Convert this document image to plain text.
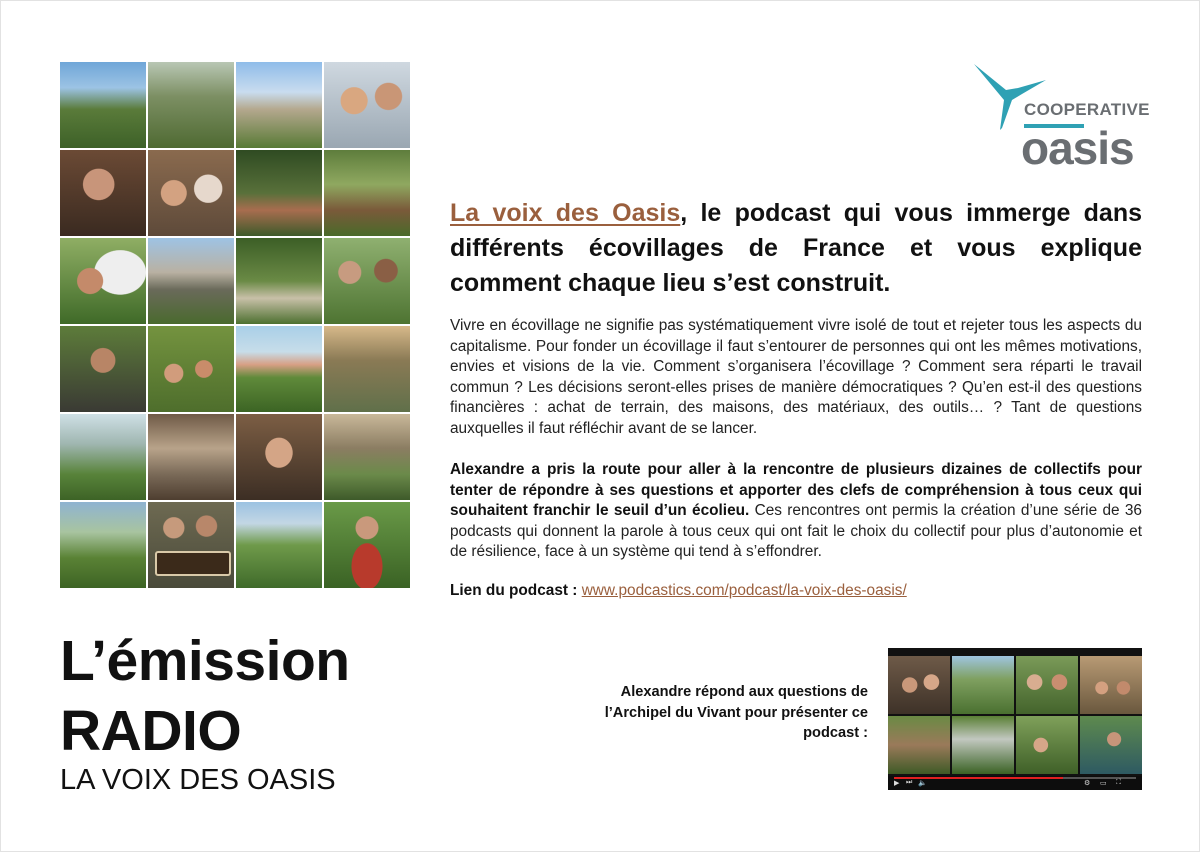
COOPERATIVE
oasis
La voix des Oasis, le podcast qui vous immerge dans différents écovillages de France et vous explique comment chaque lieu s’est construit.
Vivre en écovillage ne signifie pas systématiquement vivre isolé de tout et rejeter tous les aspects du capitalisme. Pour fonder un écovillage il faut s’entourer de personnes qui ont les mêmes motivations, envies et visions de la vie. Comment s’organisera l’écovillage ? Comment sera réparti le travail commun ? Les décisions seront-elles prises de manière démocratiques ? Qu’en est-il des questions financières : achat de terrain, des maisons, des matériaux, des outils… ? Tant de questions auxquelles il faut réfléchir avant de se lancer.
Alexandre a pris la route pour aller à la rencontre de plusieurs dizaines de collectifs pour tenter de répondre à ses questions et apporter des clefs de compréhension à tous ceux qui souhaitent franchir le seuil d’un écolieu. Ces rencontres ont permis la création d’une série de 36 podcasts qui donnent la parole à tous ceux qui ont fait le choix du collectif pour plus d’autonomie et de résilience, face à un système qui tend à s’effondrer.
Lien du podcast : www.podcastics.com/podcast/la-voix-des-oasis/
L’émission
RADIO
LA VOIX DES OASIS
Alexandre répond aux questions de l’Archipel du Vivant pour présenter ce podcast :
▶ ⏭ 🔈	⚙ ▭ ⛶
